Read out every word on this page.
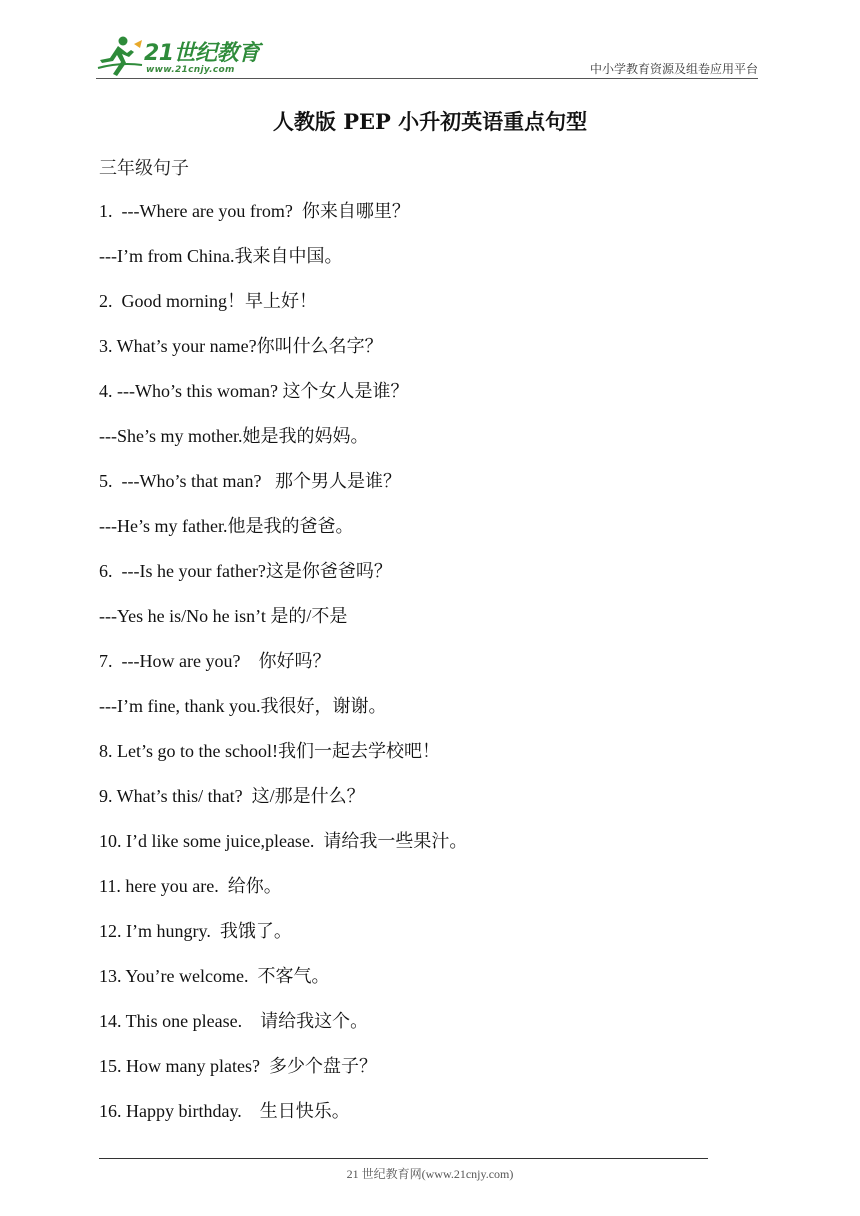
21世纪教育
www.21cnjy.com	中小学教育资源及组卷应用平台
人教版 PEP 小升初英语重点句型
三年级句子
1.  ---Where are you from?  你来自哪里？
---I’m from China.我来自中国。
2.  Good morning！早上好！
3. What’s your name?你叫什么名字？
4. ---Who’s this woman? 这个女人是谁？
---She’s my mother.她是我的妈妈。
5.  ---Who’s that man?   那个男人是谁？
---He’s my father.他是我的爸爸。
6.  ---Is he your father?这是你爸爸吗？
---Yes he is/No he isn’t 是的/不是
7.  ---How are you?    你好吗？
---I’m fine, thank you.我很好，谢谢。
8. Let’s go to the school!我们一起去学校吧！
9. What’s this/ that?  这/那是什么？
10. I’d like some juice,please.  请给我一些果汁。
11. here you are.  给你。
12. I’m hungry.  我饿了。
13. You’re welcome.  不客气。
14. This one please.    请给我这个。
15. How many plates?  多少个盘子？
16. Happy birthday.    生日快乐。
21 世纪教育网(www.21cnjy.com)
